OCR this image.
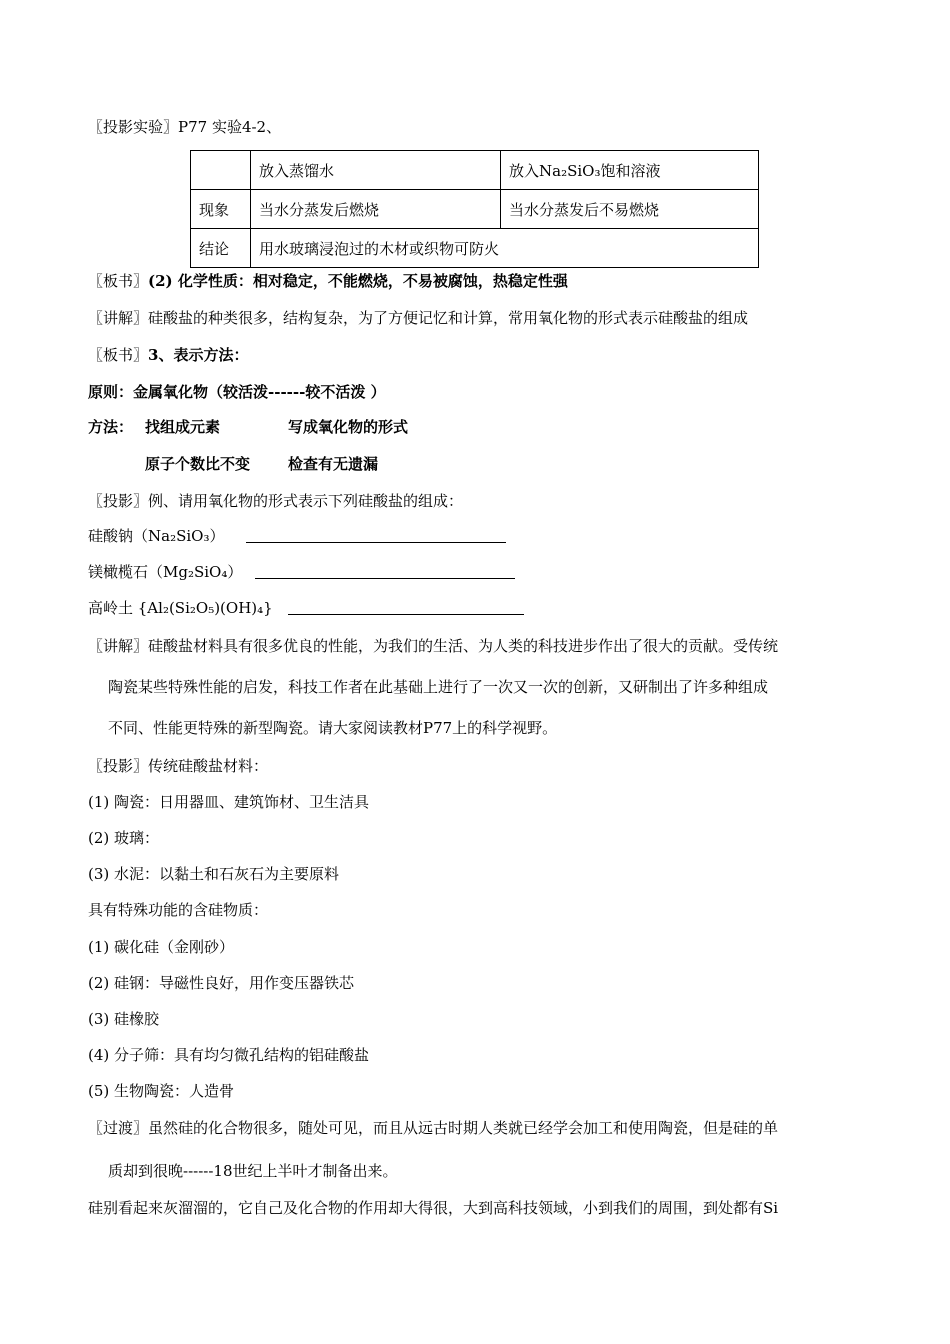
〖投影实验〗P77 实验4-2、
	放入蒸馏水	放入Na₂SiO₃饱和溶液
现象	当水分蒸发后燃烧	当水分蒸发后不易燃烧
结论	用水玻璃浸泡过的木材或织物可防火	
〖板书〗(2) 化学性质：相对稳定，不能燃烧，不易被腐蚀，热稳定性强
〖讲解〗硅酸盐的种类很多，结构复杂，为了方便记忆和计算，常用氧化物的形式表示硅酸盐的组成
〖板书〗3、表示方法：
原则：金属氧化物（较活泼------较不活泼 ）
方法： 找组成元素	写成氧化物的形式
原子个数比不变	检查有无遗漏
〖投影〗例、请用氧化物的形式表示下列硅酸盐的组成：
硅酸钠（Na₂SiO₃）
镁橄榄石（Mg₂SiO₄）
高岭土 {Al₂(Si₂O₅)(OH)₄}
〖讲解〗硅酸盐材料具有很多优良的性能，为我们的生活、为人类的科技进步作出了很大的贡献。受传统
陶瓷某些特殊性能的启发，科技工作者在此基础上进行了一次又一次的创新，又研制出了许多种组成
不同、性能更特殊的新型陶瓷。请大家阅读教材P77上的科学视野。
〖投影〗传统硅酸盐材料：
(1) 陶瓷：日用器皿、建筑饰材、卫生洁具
(2) 玻璃：
(3) 水泥：以黏土和石灰石为主要原料
具有特殊功能的含硅物质：
(1) 碳化硅（金刚砂）
(2) 硅钢：导磁性良好，用作变压器铁芯
(3) 硅橡胶
(4) 分子筛：具有均匀微孔结构的铝硅酸盐
(5) 生物陶瓷：人造骨
〖过渡〗虽然硅的化合物很多，随处可见，而且从远古时期人类就已经学会加工和使用陶瓷，但是硅的单
质却到很晚------18世纪上半叶才制备出来。
硅别看起来灰溜溜的，它自己及化合物的作用却大得很，大到高科技领域，小到我们的周围，到处都有Si
